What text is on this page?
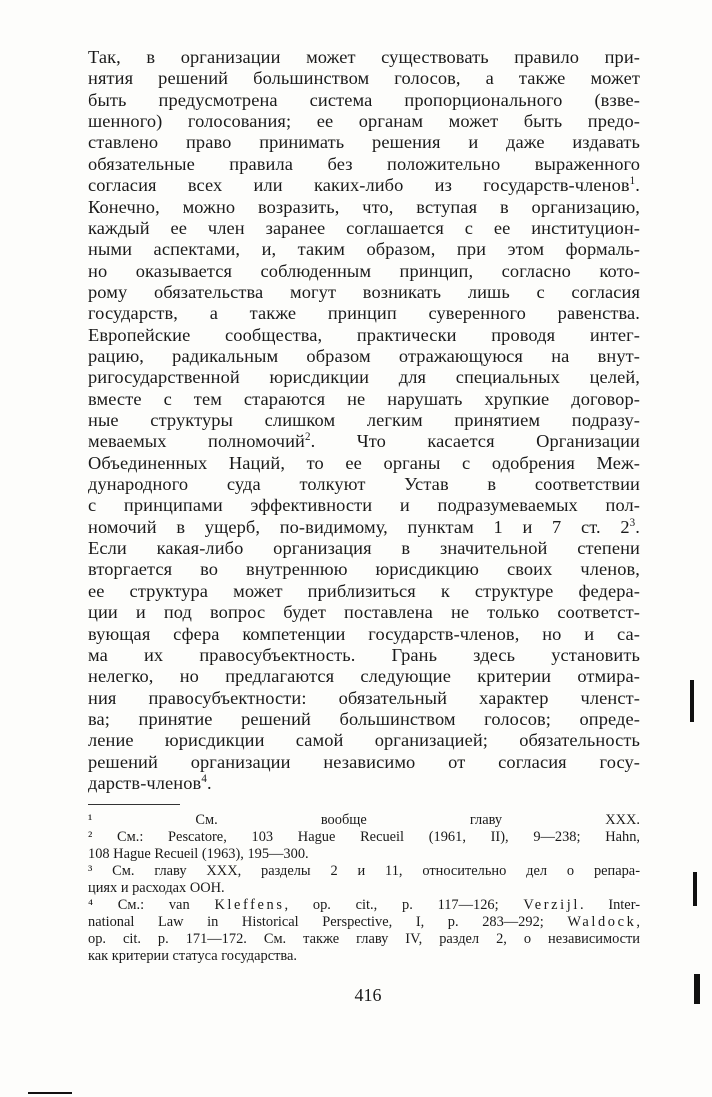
Так, в организации может существовать правило при-
нятия решений большинством голосов, а также может
быть предусмотрена система пропорционального (взве-
шенного) голосования; ее органам может быть предо-
ставлено право принимать решения и даже издавать
обязательные правила без положительно выраженного
согласия всех или каких-либо из государств-членов$^1$.
Конечно, можно возразить, что, вступая в организацию,
каждый ее член заранее соглашается с ее институцион-
ными аспектами, и, таким образом, при этом формаль-
но оказывается соблюденным принцип, согласно кото-
рому обязательства могут возникать лишь с согласия
государств, а также принцип суверенного равенства.
Европейские сообщества, практически проводя интег-
рацию, радикальным образом отражающуюся на внут-
ригосударственной юрисдикции для специальных целей,
вместе с тем стараются не нарушать хрупкие договор-
ные структуры слишком легким принятием подразу-
меваемых полномочий$^2$. Что касается Организации
Объединенных Наций, то ее органы с одобрения Меж-
дународного суда толкуют Устав в соответствии
с принципами эффективности и подразумеваемых пол-
номочий в ущерб, по-видимому, пунктам 1 и 7 ст. $2^3$.
Если какая-либо организация в значительной степени
вторгается во внутреннюю юрисдикцию своих членов,
ее структура может приблизиться к структуре федера-
ции и под вопрос будет поставлена не только соответст-
вующая сфера компетенции государств-членов, но и са-
ма их правосубъектность. Грань здесь установить
нелегко, но предлагаются следующие критерии отмира-
ния правосубъектности: обязательный характер членст-
ва; принятие решений большинством голосов; опреде-
ление юрисдикции самой организацией; обязательность
решений организации независимо от согласия госу-
дарств-членов$^4$.
¹ См. вообще главу XXX.
² См.: Pescatore, 103 Hague Recueil (1961, II), 9—238; Hahn,
108 Hague Recueil (1963), 195—300.
³ См. главу XXX, разделы 2 и 11, относительно дел о репара-
циях и расходах ООН.
⁴ См.: van Kleffens, op. cit., p. 117—126; Verzijl. Inter-
national Law in Historical Perspective, I, p. 283—292; Waldock,
op. cit. p. 171—172. См. также главу IV, раздел 2, о независимости
как критерии статуса государства.
416
